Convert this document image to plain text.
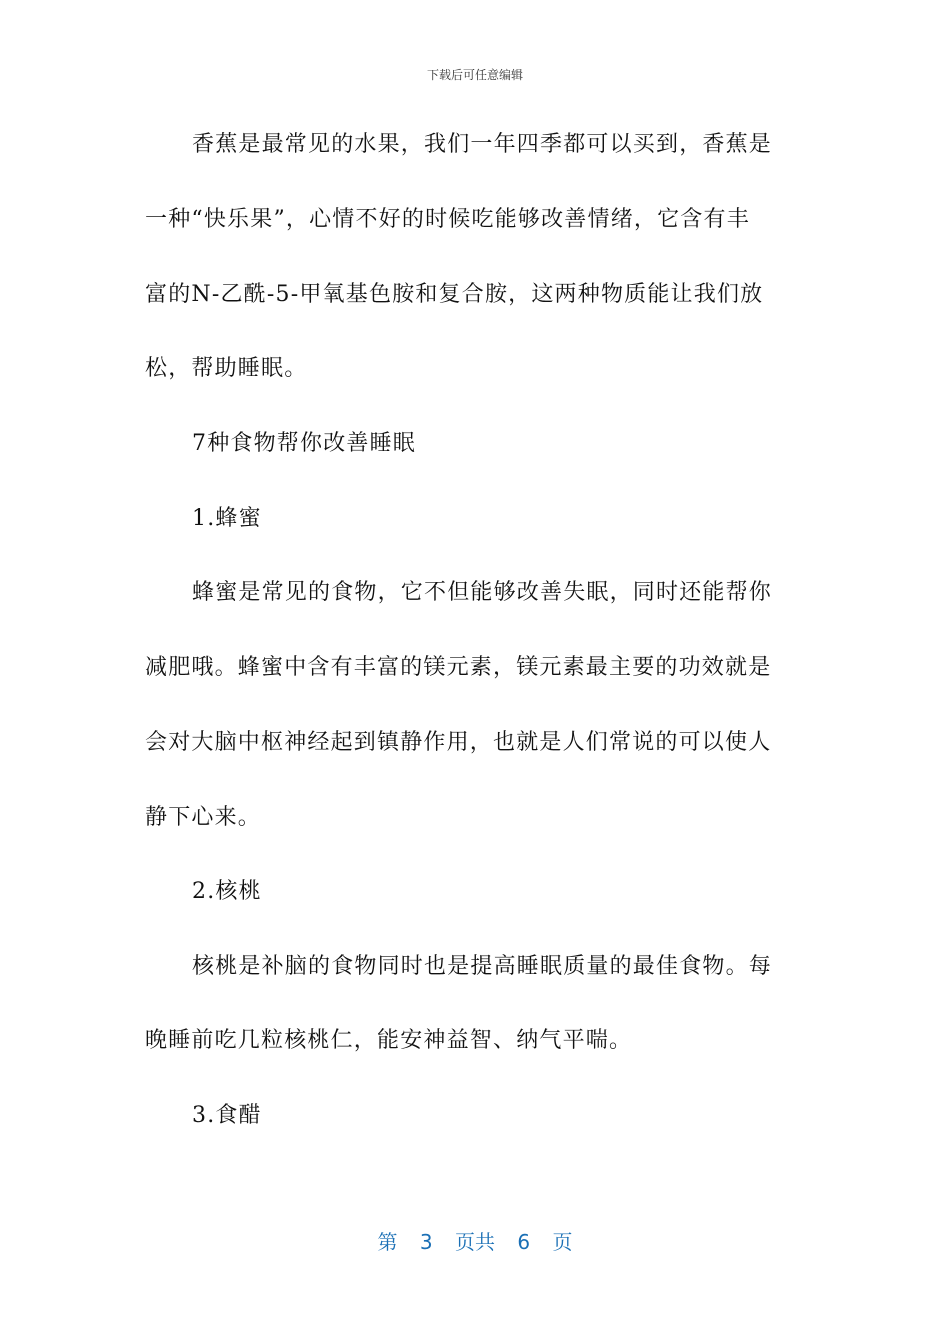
下载后可任意编辑
香蕉是最常见的水果，我们一年四季都可以买到，香蕉是
一种“快乐果”，心情不好的时候吃能够改善情绪，它含有丰
富的N-乙酰-5-甲氧基色胺和复合胺，这两种物质能让我们放
松，帮助睡眠。
7种食物帮你改善睡眠
1.蜂蜜
蜂蜜是常见的食物，它不但能够改善失眠，同时还能帮你
减肥哦。蜂蜜中含有丰富的镁元素，镁元素最主要的功效就是
会对大脑中枢神经起到镇静作用，也就是人们常说的可以使人
静下心来。
2.核桃
核桃是补脑的食物同时也是提高睡眠质量的最佳食物。每
晚睡前吃几粒核桃仁，能安神益智、纳气平喘。
3.食醋
第 3 页共 6 页
